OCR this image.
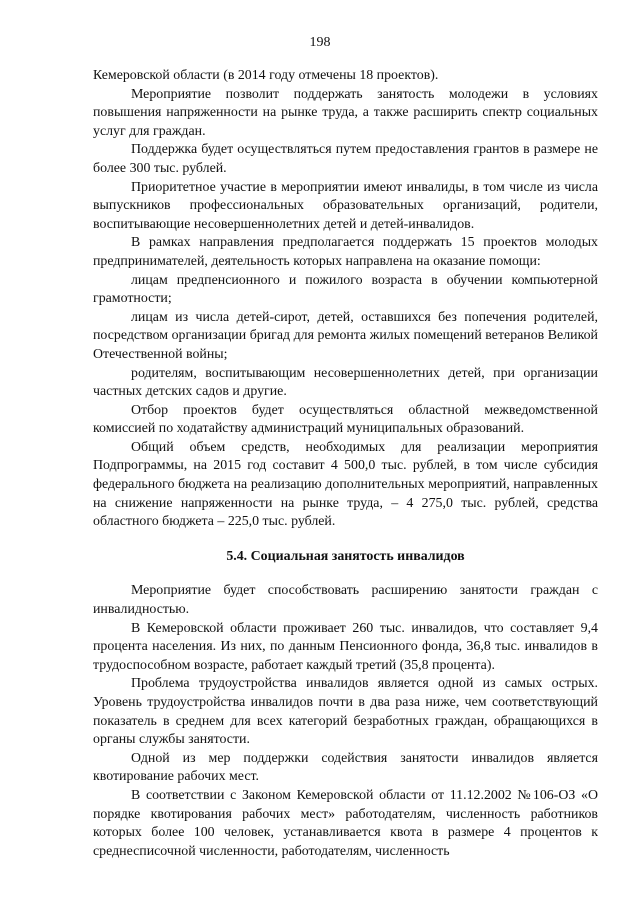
198

Кемеровской области (в 2014 году отмечены 18 проектов).

Мероприятие позволит поддержать занятость молодежи в условиях повышения напряженности на рынке труда, а также расширить спектр социальных услуг для граждан.

Поддержка будет осуществляться путем предоставления грантов в размере не более 300 тыс. рублей.

Приоритетное участие в мероприятии имеют инвалиды, в том числе из числа выпускников профессиональных образовательных организаций, родители, воспитывающие несовершеннолетних детей и детей-инвалидов.

В рамках направления предполагается поддержать 15 проектов молодых предпринимателей, деятельность которых направлена на оказание помощи:

лицам предпенсионного и пожилого возраста в обучении компьютерной грамотности;

лицам из числа детей-сирот, детей, оставшихся без попечения родителей, посредством организации бригад для ремонта жилых помещений ветеранов Великой Отечественной войны;

родителям, воспитывающим несовершеннолетних детей, при организации частных детских садов и другие.

Отбор проектов будет осуществляться областной межведомственной комиссией по ходатайству администраций муниципальных образований.

Общий объем средств, необходимых для реализации мероприятия Подпрограммы, на 2015 год составит 4 500,0 тыс. рублей, в том числе субсидия федерального бюджета на реализацию дополнительных мероприятий, направленных на снижение напряженности на рынке труда, – 4 275,0 тыс. рублей, средства областного бюджета – 225,0 тыс. рублей.

5.4. Социальная занятость инвалидов

Мероприятие будет способствовать расширению занятости граждан с инвалидностью.

В Кемеровской области проживает 260 тыс. инвалидов, что составляет 9,4 процента населения. Из них, по данным Пенсионного фонда, 36,8 тыс. инвалидов в трудоспособном возрасте, работает каждый третий (35,8 процента).

Проблема трудоустройства инвалидов является одной из самых острых. Уровень трудоустройства инвалидов почти в два раза ниже, чем соответствующий показатель в среднем для всех категорий безработных граждан, обращающихся в органы службы занятости.

Одной из мер поддержки содействия занятости инвалидов является квотирование рабочих мест.

В соответствии с Законом Кемеровской области от 11.12.2002 №106-ОЗ «О порядке квотирования рабочих мест» работодателям, численность работников которых более 100 человек, устанавливается квота в размере 4 процентов к среднесписочной численности, работодателям, численность
